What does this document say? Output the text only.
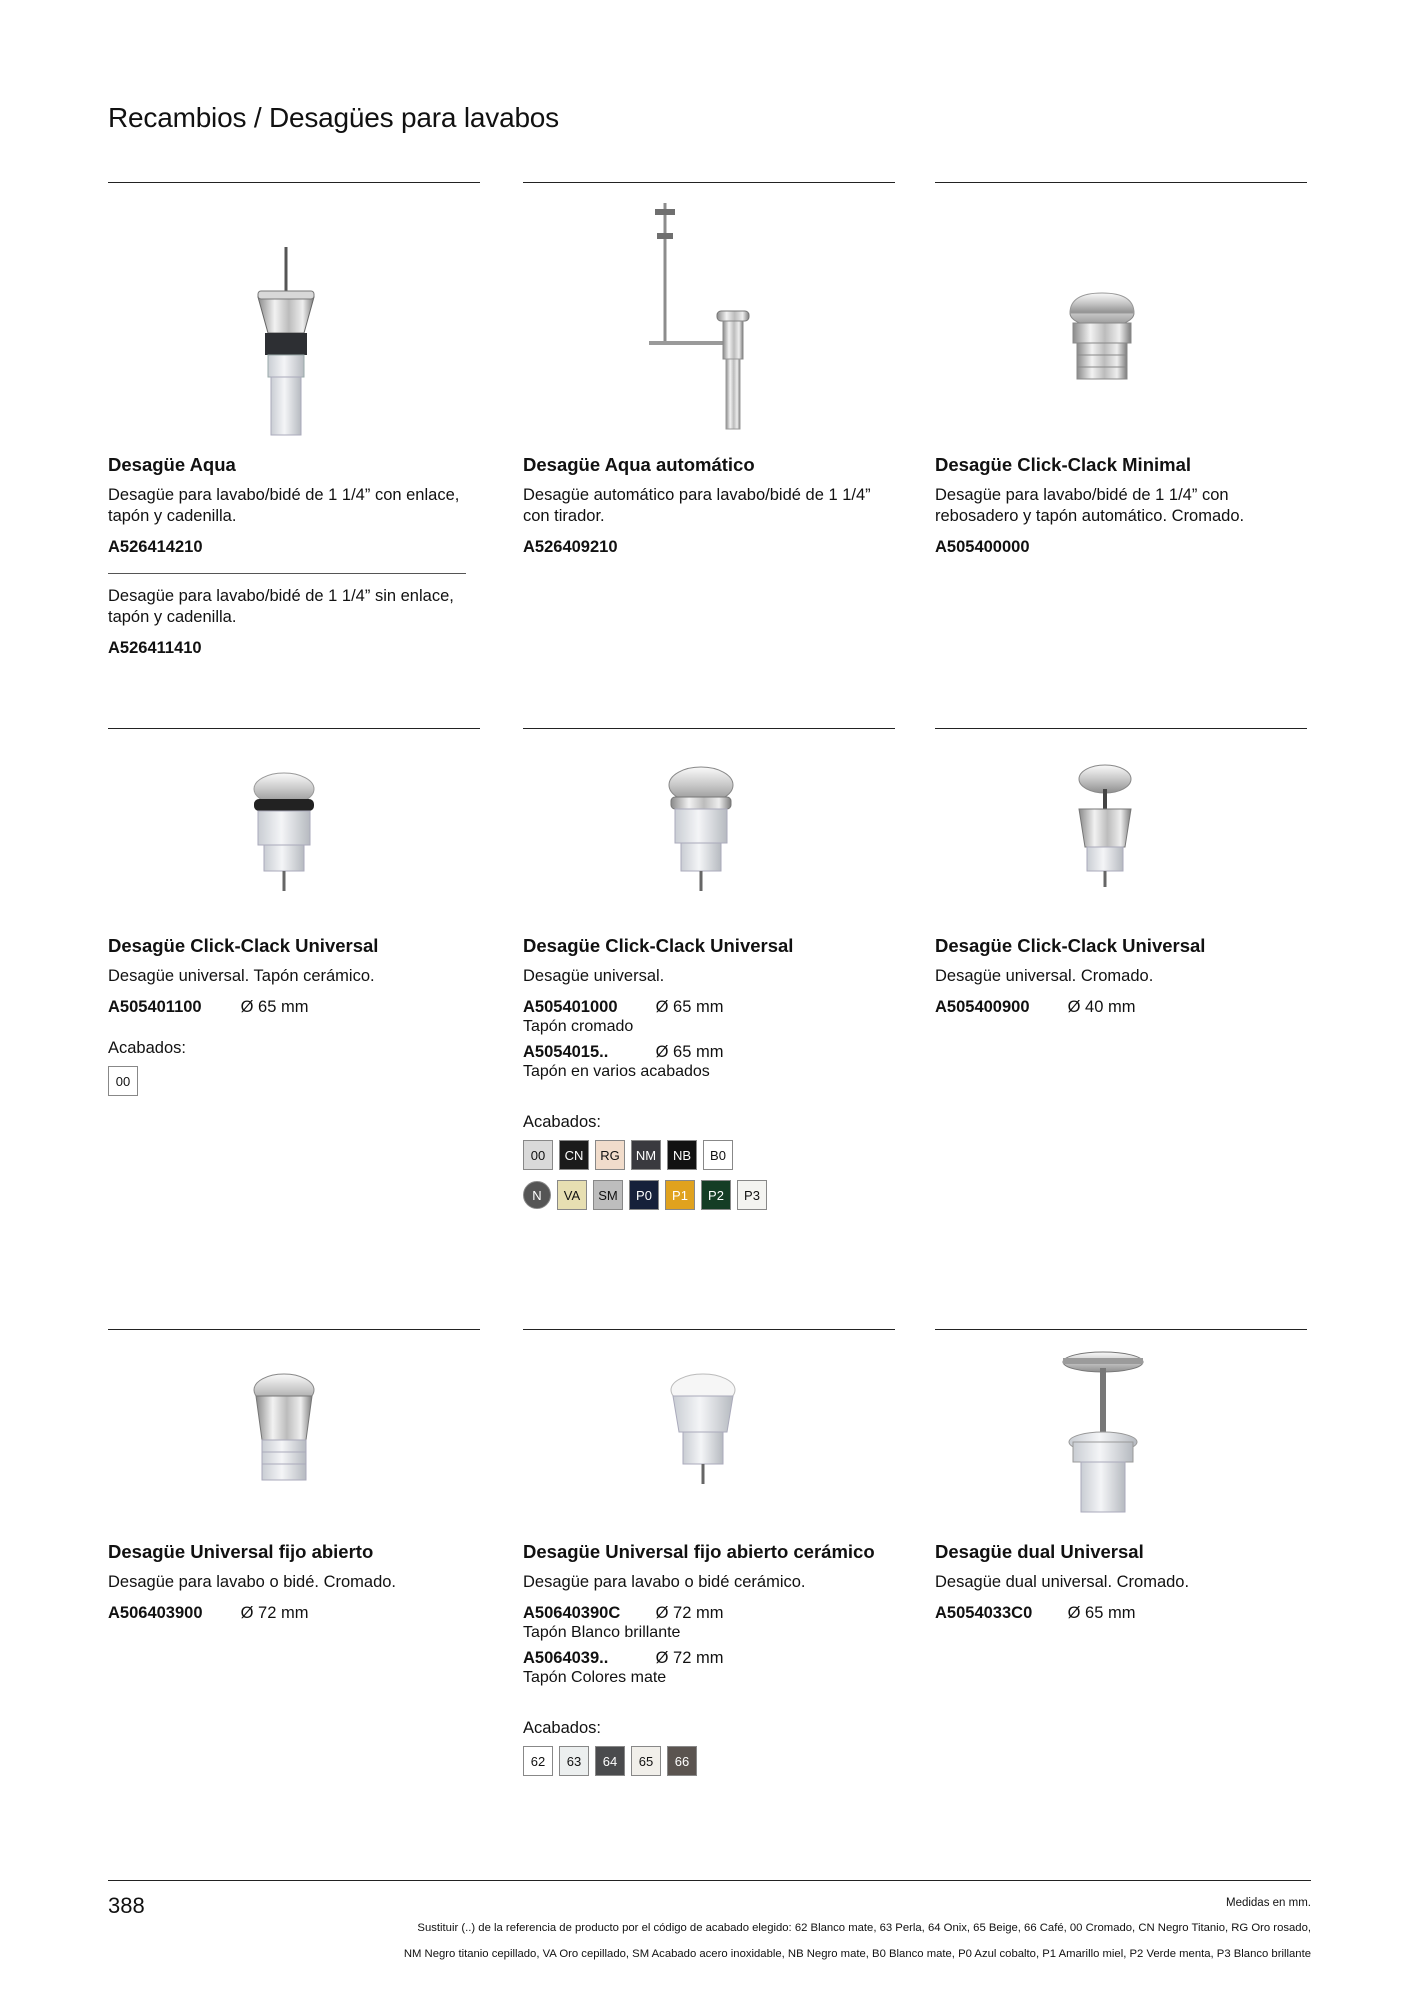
Recambios / Desagües para lavabos
Desagüe Aqua
Desagüe para lavabo/bidé de 1 1/4” con enlace, tapón y cadenilla.
A526414210
Desagüe para lavabo/bidé de 1 1/4” sin enlace, tapón y cadenilla.
A526411410
Desagüe Aqua automático
Desagüe automático para lavabo/bidé de 1 1/4” con tirador.
A526409210
Desagüe Click-Clack Minimal
Desagüe para lavabo/bidé de 1 1/4” con rebosadero y tapón automático. Cromado.
A505400000
Desagüe Click-Clack Universal
Desagüe universal. Tapón cerámico.
A505401100 Ø 65 mm
Acabados:
00
Desagüe Click-Clack Universal
Desagüe universal.
A505401000 Ø 65 mm
Tapón cromado
A5054015..	Ø 65 mm
Tapón en varios acabados
Acabados:
00	CN	RG	NM	NB	B0
N	VA	SM	P0	P1	P2	P3
Desagüe Click-Clack Universal
Desagüe universal. Cromado.
A505400900 Ø 40 mm
Desagüe Universal fijo abierto
Desagüe para lavabo o bidé. Cromado.
A506403900 Ø 72 mm
Desagüe Universal fijo abierto cerámico
Desagüe para lavabo o bidé cerámico.
A50640390C Ø 72 mm
Tapón Blanco brillante
A5064039..	Ø 72 mm
Tapón Colores mate
Acabados:
62	63	64	65	66
Desagüe dual Universal
Desagüe dual universal. Cromado.
A5054033C0 Ø 65 mm
388	Medidas en mm.
Sustituir (..) de la referencia de producto por el código de acabado elegido: 62 Blanco mate, 63 Perla, 64 Onix, 65 Beige, 66 Café, 00 Cromado, CN Negro Titanio, RG Oro rosado,
NM Negro titanio cepillado, VA Oro cepillado, SM Acabado acero inoxidable, NB Negro mate, B0 Blanco mate, P0 Azul cobalto, P1 Amarillo miel, P2 Verde menta, P3 Blanco brillante
